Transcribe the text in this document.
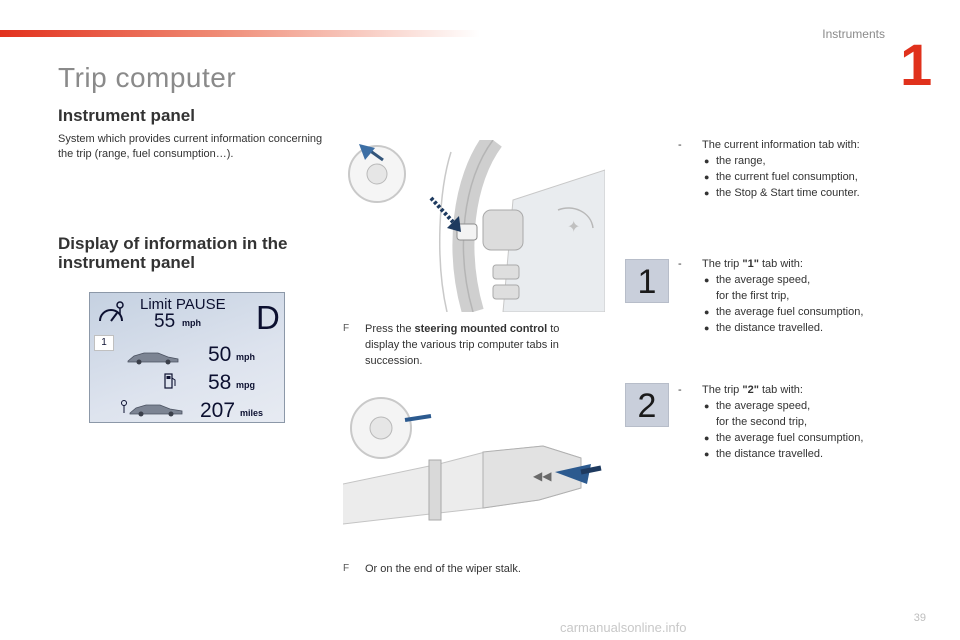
Instruments 1
Trip computer
Instrument panel
System which provides current information concerning the trip (range, fuel consumption…).
Display of information in the instrument panel
Limit PAUSE
55 mph D
1
50 mph
58 mpg
207 miles
✦
F	Press the steering mounted control to display the various trip computer tabs in succession.
◀◀
F	Or on the end of the wiper stalk.
-	The current information tab with:
● the range,
● the current fuel consumption,
● the Stop & Start time counter.
1	-	The trip "1" tab with:
● the average speed,
for the first trip,
● the average fuel consumption,
● the distance travelled.
2	-	The trip "2" tab with:
● the average speed,
for the second trip,
● the average fuel consumption,
● the distance travelled.
carmanualsonline.info
39
